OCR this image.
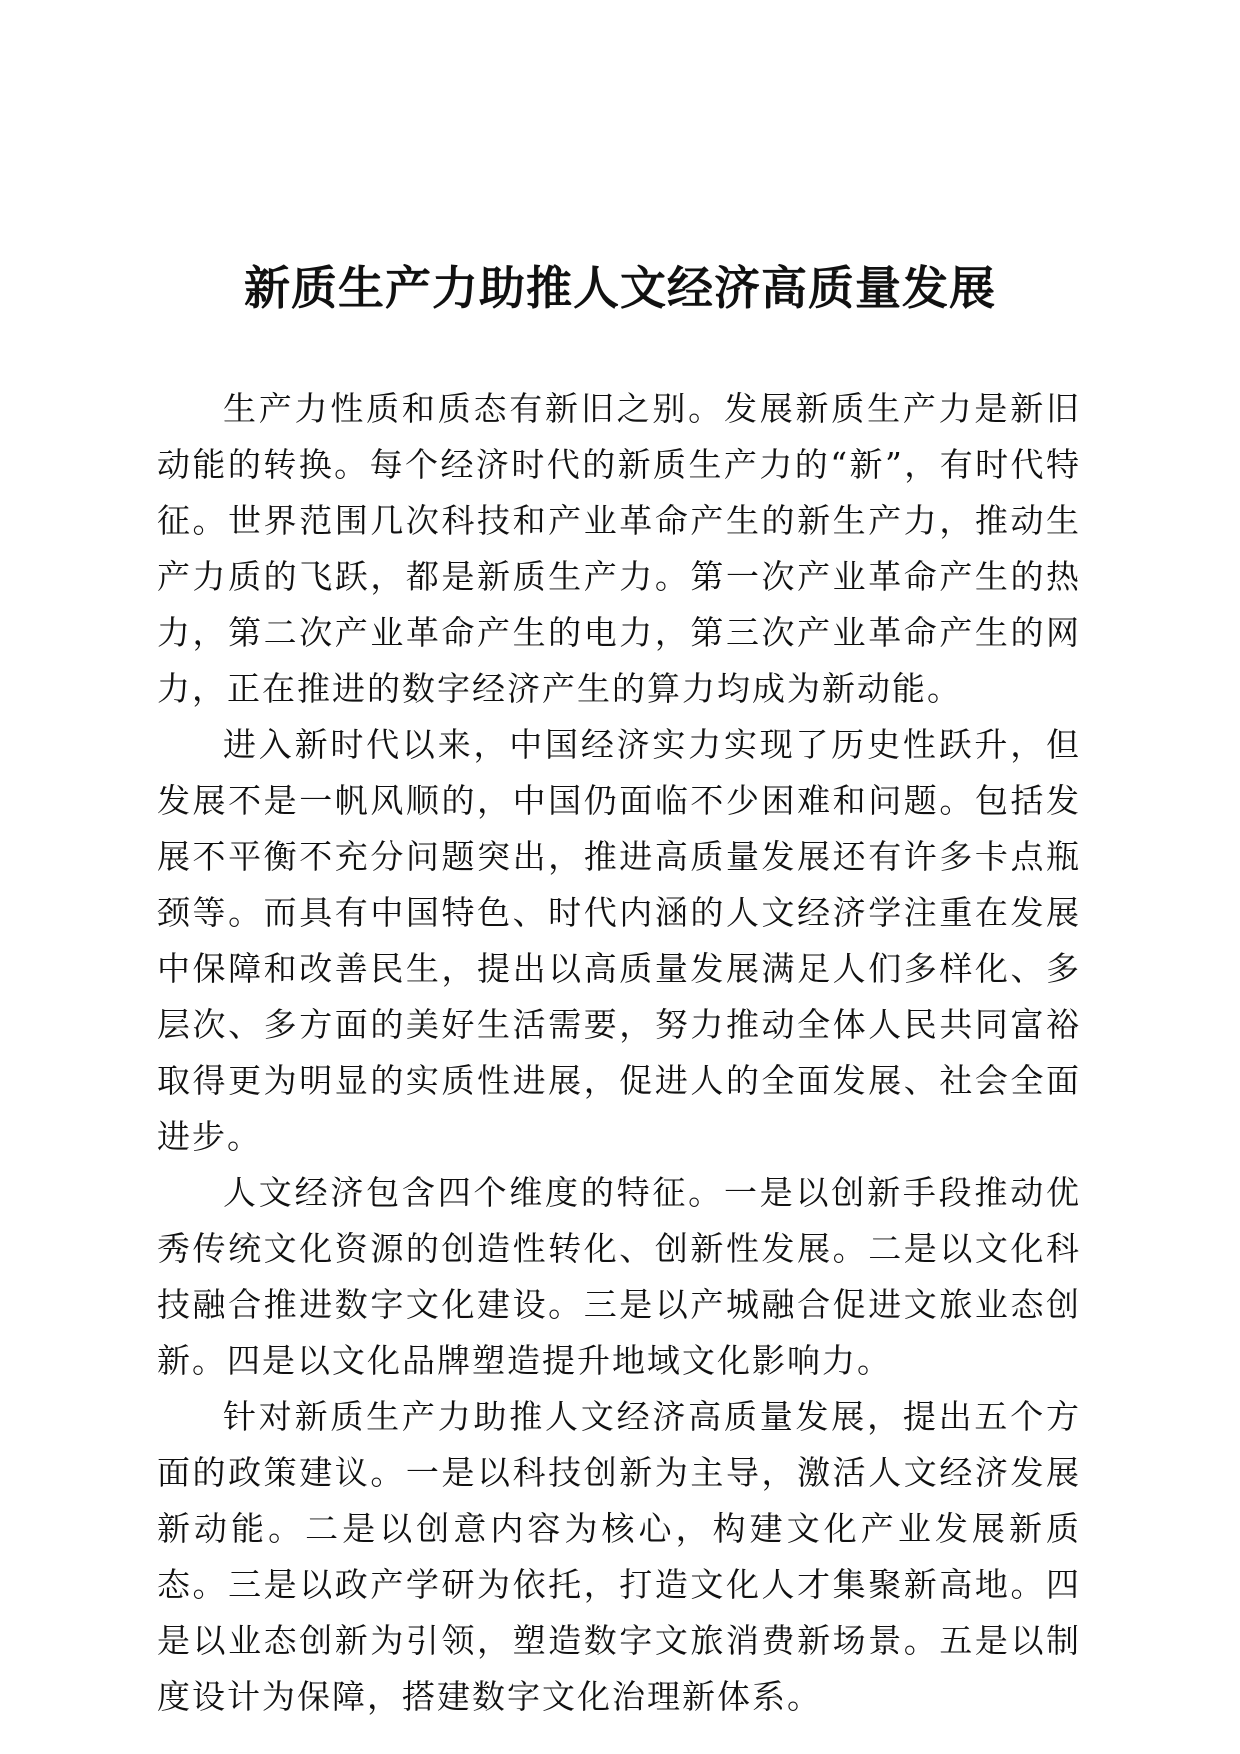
新质生产力助推人文经济高质量发展

生产力性质和质态有新旧之别。发展新质生产力是新旧动能的转换。每个经济时代的新质生产力的“新”，有时代特征。世界范围几次科技和产业革命产生的新生产力，推动生产力质的飞跃，都是新质生产力。第一次产业革命产生的热力，第二次产业革命产生的电力，第三次产业革命产生的网力，正在推进的数字经济产生的算力均成为新动能。

进入新时代以来，中国经济实力实现了历史性跃升，但发展不是一帆风顺的，中国仍面临不少困难和问题。包括发展不平衡不充分问题突出，推进高质量发展还有许多卡点瓶颈等。而具有中国特色、时代内涵的人文经济学注重在发展中保障和改善民生，提出以高质量发展满足人们多样化、多层次、多方面的美好生活需要，努力推动全体人民共同富裕取得更为明显的实质性进展，促进人的全面发展、社会全面进步。

人文经济包含四个维度的特征。一是以创新手段推动优秀传统文化资源的创造性转化、创新性发展。二是以文化科技融合推进数字文化建设。三是以产城融合促进文旅业态创新。四是以文化品牌塑造提升地域文化影响力。

针对新质生产力助推人文经济高质量发展，提出五个方面的政策建议。一是以科技创新为主导，激活人文经济发展新动能。二是以创意内容为核心，构建文化产业发展新质态。三是以政产学研为依托，打造文化人才集聚新高地。四是以业态创新为引领，塑造数字文旅消费新场景。五是以制度设计为保障，搭建数字文化治理新体系。
